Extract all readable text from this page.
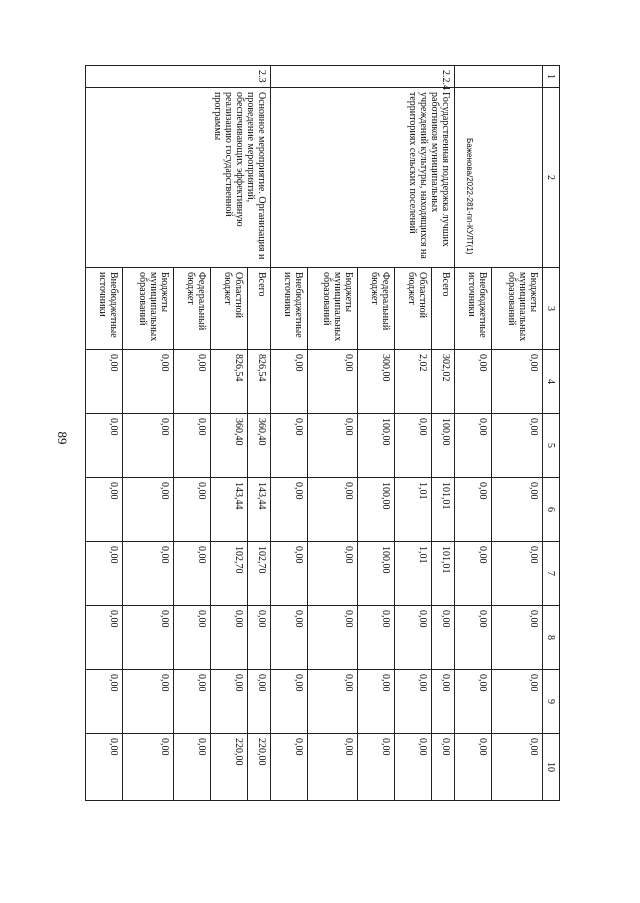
89
Баженова/2022-281-пп-КУЛТ(1)
1	2	3	4	5	6	7	8	9	10
		Бюджеты муниципальных образований	0,00	0,00	0,00	0,00	0,00	0,00	0,00
		Внебюджетные источники	0,00	0,00	0,00	0,00	0,00	0,00	0,00
2.2.4	Государственная поддержка лучших работников муниципальных учреждений культуры, находящихся на территориях сельских поселений	Всего	302,02	100,00	101,01	101,01	0,00	0,00	0,00
		Областной бюджет	2,02	0,00	1,01	1,01	0,00	0,00	0,00
		Федеральный бюджет	300,00	100,00	100,00	100,00	0,00	0,00	0,00
		Бюджеты муниципальных образований	0,00	0,00	0,00	0,00	0,00	0,00	0,00
		Внебюджетные источники	0,00	0,00	0,00	0,00	0,00	0,00	0,00
2.3	Основное мероприятие. Организация и проведение мероприятий, обеспечивающих эффективную реализацию государственной программы	Всего	826,54	360,40	143,44	102,70	0,00	0,00	220,00
		Областной бюджет	826,54	360,40	143,44	102,70	0,00	0,00	220,00
		Федеральный бюджет	0,00	0,00	0,00	0,00	0,00	0,00	0,00
		Бюджеты муниципальных образований	0,00	0,00	0,00	0,00	0,00	0,00	0,00
		Внебюджетные источники	0,00	0,00	0,00	0,00	0,00	0,00	0,00
